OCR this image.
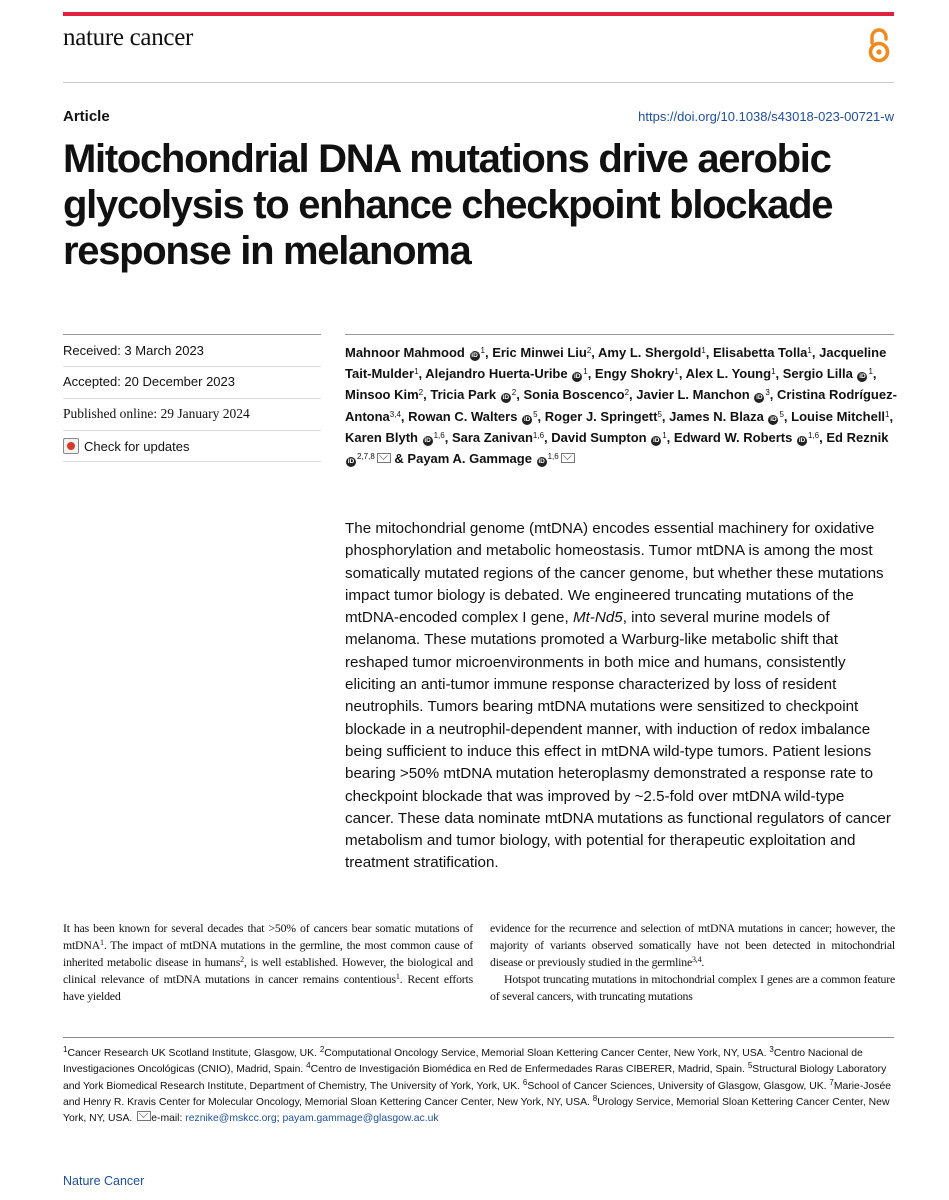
nature cancer
Article	https://doi.org/10.1038/s43018-023-00721-w
Mitochondrial DNA mutations drive aerobic glycolysis to enhance checkpoint blockade response in melanoma
Received: 3 March 2023
Accepted: 20 December 2023
Published online: 29 January 2024
Check for updates
Mahnoor Mahmood $iD^1$, Eric Minwei Liu$^2$, Amy L. Shergold$^1$, Elisabetta Tolla$^1$, Jacqueline Tait-Mulder$^1$, Alejandro Huerta-Uribe $iD^1$, Engy Shokry$^1$, Alex L. Young$^1$, Sergio Lilla $iD^1$, Minsoo Kim$^2$, Tricia Park $iD^2$, Sonia Boscenco$^2$, Javier L. Manchon $iD^3$, Cristina Rodríguez-Antona$^{3,4}$, Rowan C. Walters $iD^5$, Roger J. Springett$^5$, James N. Blaza $iD^5$, Louise Mitchell$^1$, Karen Blyth iD$^{1,6}$, Sara Zanivan$^{1,6}$, David Sumpton $iD^1$, Edward W. Roberts iD$^{1,6}$, Ed Reznik iD$^{2,7,8}$ & Payam A. Gammage iD$^{1,6}$

The mitochondrial genome (mtDNA) encodes essential machinery for oxidative phosphorylation and metabolic homeostasis. Tumor mtDNA is among the most somatically mutated regions of the cancer genome, but whether these mutations impact tumor biology is debated. We engineered truncating mutations of the mtDNA-encoded complex I gene, Mt-Nd5, into several murine models of melanoma. These mutations promoted a Warburg-like metabolic shift that reshaped tumor microenvironments in both mice and humans, consistently eliciting an anti-tumor immune response characterized by loss of resident neutrophils. Tumors bearing mtDNA mutations were sensitized to checkpoint blockade in a neutrophil-dependent manner, with induction of redox imbalance being sufficient to induce this effect in mtDNA wild-type tumors. Patient lesions bearing >50% mtDNA mutation heteroplasmy demonstrated a response rate to checkpoint blockade that was improved by ~2.5-fold over mtDNA wild-type cancer. These data nominate mtDNA mutations as functional regulators of cancer metabolism and tumor biology, with potential for therapeutic exploitation and treatment stratification.

It has been known for several decades that >50% of cancers bear somatic mutations of mtDNA$^1$. The impact of mtDNA mutations in the germline, the most common cause of inherited metabolic disease in humans$^2$, is well established. However, the biological and clinical relevance of mtDNA mutations in cancer remains contentious$^1$. Recent efforts have yielded

evidence for the recurrence and selection of mtDNA mutations in cancer; however, the majority of variants observed somatically have not been detected in mitochondrial disease or previously studied in the germline$^{3,4}$.

Hotspot truncating mutations in mitochondrial complex I genes are a common feature of several cancers, with truncating mutations

$^1$Cancer Research UK Scotland Institute, Glasgow, UK. $^2$Computational Oncology Service, Memorial Sloan Kettering Cancer Center, New York, NY, USA. $^3$Centro Nacional de Investigaciones Oncológicas (CNIO), Madrid, Spain. $^4$Centro de Investigación Biomédica en Red de Enfermedades Raras CIBERER, Madrid, Spain. $^5$Structural Biology Laboratory and York Biomedical Research Institute, Department of Chemistry, The University of York, York, UK. $^6$School of Cancer Sciences, University of Glasgow, Glasgow, UK. $^7$Marie-Josée and Henry R. Kravis Center for Molecular Oncology, Memorial Sloan Kettering Cancer Center, New York, NY, USA. $^8$Urology Service, Memorial Sloan Kettering Cancer Center, New York, NY, USA. e-mail: reznike@mskcc.org; payam.gammage@glasgow.ac.uk

Nature Cancer
